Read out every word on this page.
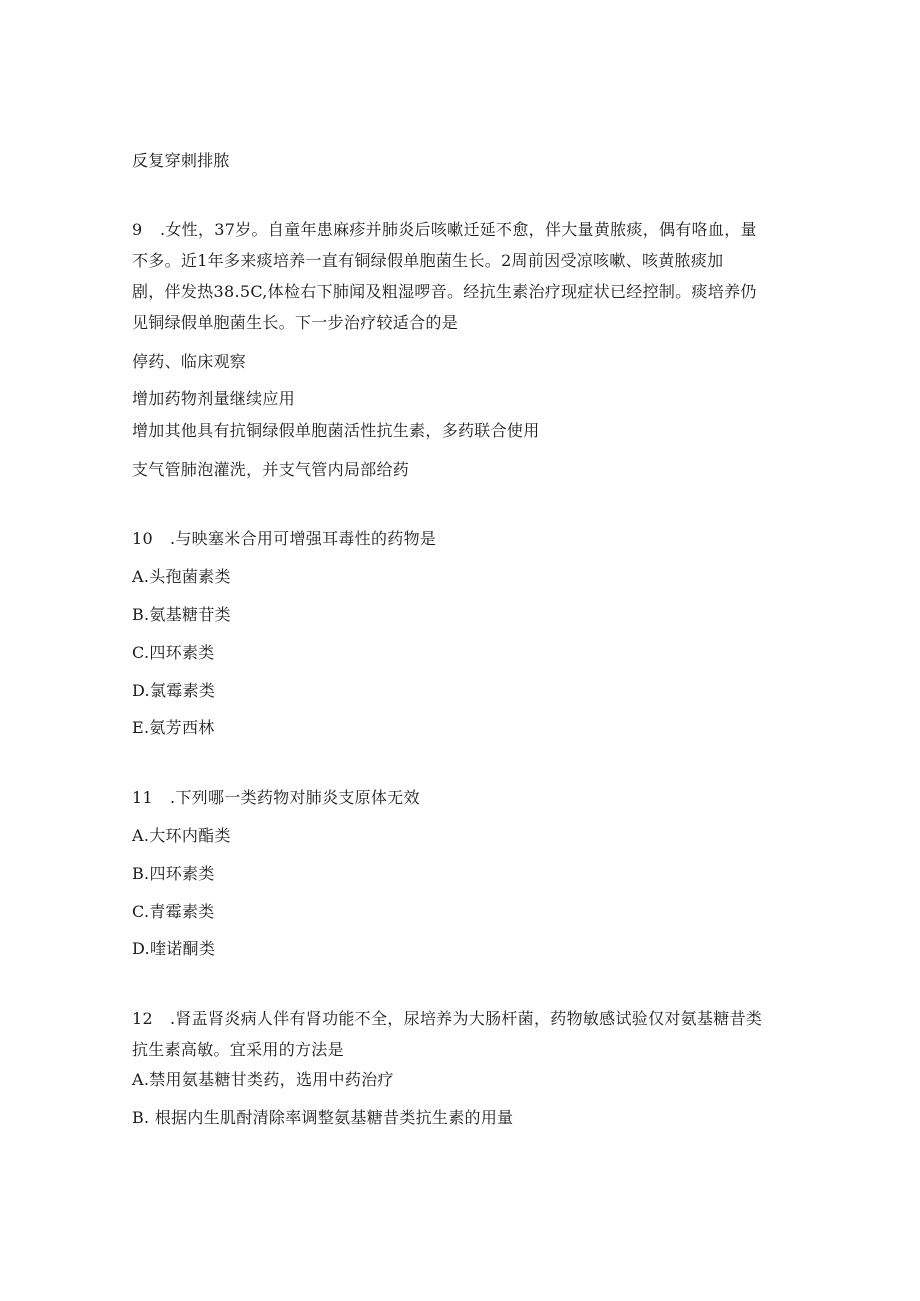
反复穿刺排脓
9 .女性，37岁。自童年患麻疹并肺炎后咳嗽迁延不愈，伴大量黄脓痰，偶有咯血，量
不多。近1年多来痰培养一直有铜绿假单胞菌生长。2周前因受凉咳嗽、咳黄脓痰加
剧，伴发热38.5C,体检右下肺闻及粗湿啰音。经抗生素治疗现症状已经控制。痰培养仍
见铜绿假单胞菌生长。下一步治疗较适合的是
停药、临床观察
增加药物剂量继续应用
增加其他具有抗铜绿假单胞菌活性抗生素，多药联合使用
支气管肺泡灌洗，并支气管内局部给药
10 .与映塞米合用可增强耳毒性的药物是
A.头孢菌素类
B.氨基糖苷类
C.四环素类
D.氯霉素类
E.氨芳西林
11 .下列哪一类药物对肺炎支原体无效
A.大环内酯类
B.四环素类
C.青霉素类
D.喹诺酮类
12 .肾盂肾炎病人伴有肾功能不全，尿培养为大肠杆菌，药物敏感试验仅对氨基糖昔类
抗生素高敏。宜采用的方法是
A.禁用氨基糖甘类药，选用中药治疗
B. 根据内生肌酎清除率调整氨基糖昔类抗生素的用量
